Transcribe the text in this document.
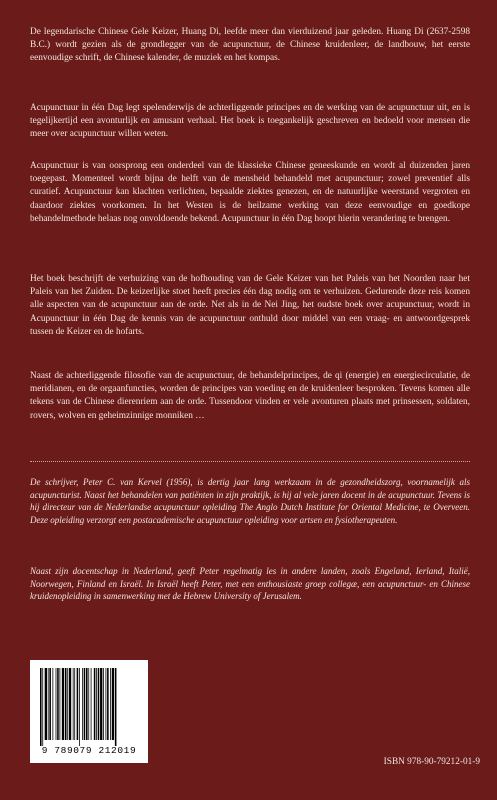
De legendarische Chinese Gele Keizer, Huang Di, leefde meer dan vierduizend jaar geleden. Huang Di (2637-2598 B.C.) wordt gezien als de grondlegger van de acupunctuur, de Chinese kruidenleer, de landbouw, het eerste eenvoudige schrift, de Chinese kalender, de muziek en het kompas.

Acupunctuur in één Dag legt spelenderwijs de achterliggende principes en de werking van de acupunctuur uit, en is tegelijkertijd een avonturlijk en amusant verhaal. Het boek is toegankelijk geschreven en bedoeld voor mensen die meer over acupunctuur willen weten.

Acupunctuur is van oorsprong een onderdeel van de klassieke Chinese geneeskunde en wordt al duizenden jaren toegepast. Momenteel wordt bijna de helft van de mensheid behandeld met acupunctuur; zowel preventief alls curatief. Acupunctuur kan klachten verlichten, bepaalde ziektes genezen, en de natuurlijke weerstand vergroten en daardoor ziektes voorkomen. In het Westen is de heilzame werking van deze eenvoudige en goedkope behandelmethode helaas nog onvoldoende bekend. Acupunctuur in één Dag hoopt hierin verandering te brengen.

Het boek beschrijft de verhuizing van de hofhouding van de Gele Keizer van het Paleis van het Noorden naar het Paleis van het Zuiden. De keizerlijke stoet heeft precies één dag nodig om te verhuizen. Gedurende deze reis komen alle aspecten van de acupunctuur aan de orde. Net als in de Nei Jing, het oudste boek over acupunctuur, wordt in Acupunctuur in één Dag de kennis van de acupunctuur onthuld door middel van een vraag- en antwoordgesprek tussen de Keizer en de hofarts.

Naast de achterliggende filosofie van de acupunctuur, de behandelprincipes, de qi (energie) en energiecirculatie, de meridianen, en de orgaanfuncties, worden de principes van voeding en de kruidenleer besproken. Tevens komen alle tekens van de Chinese dierenriem aan de orde. Tussendoor vinden er vele avonturen plaats met prinsessen, soldaten, rovers, wolven en geheimzinnige monniken …

De schrijver, Peter C. van Kervel (1956), is dertig jaar lang werkzaam in de gezondheidszorg, voornamelijk als acupuncturist. Naast het behandelen van patiënten in zijn praktijk, is hij al vele jaren docent in de acupunctuur. Tevens is hij directeur van de Nederlandse acupunctuur opleiding The Anglo Dutch Institute for Oriental Medicine, te Overveen. Deze opleiding verzorgt een postacademische acupunctuur opleiding voor artsen en fysiotherapeuten.

Naast zijn docentschap in Nederland, geeft Peter regelmatig les in andere landen, zoals Engeland, Ierland, Italië, Noorwegen, Finland en Israël. In Israël heeft Peter, met een enthousiaste groep collegæ, een acupunctuur- en Chinese kruidenopleiding in samenwerking met de Hebrew University of Jerusalem.

9 789079 212019
ISBN 978-90-79212-01-9
